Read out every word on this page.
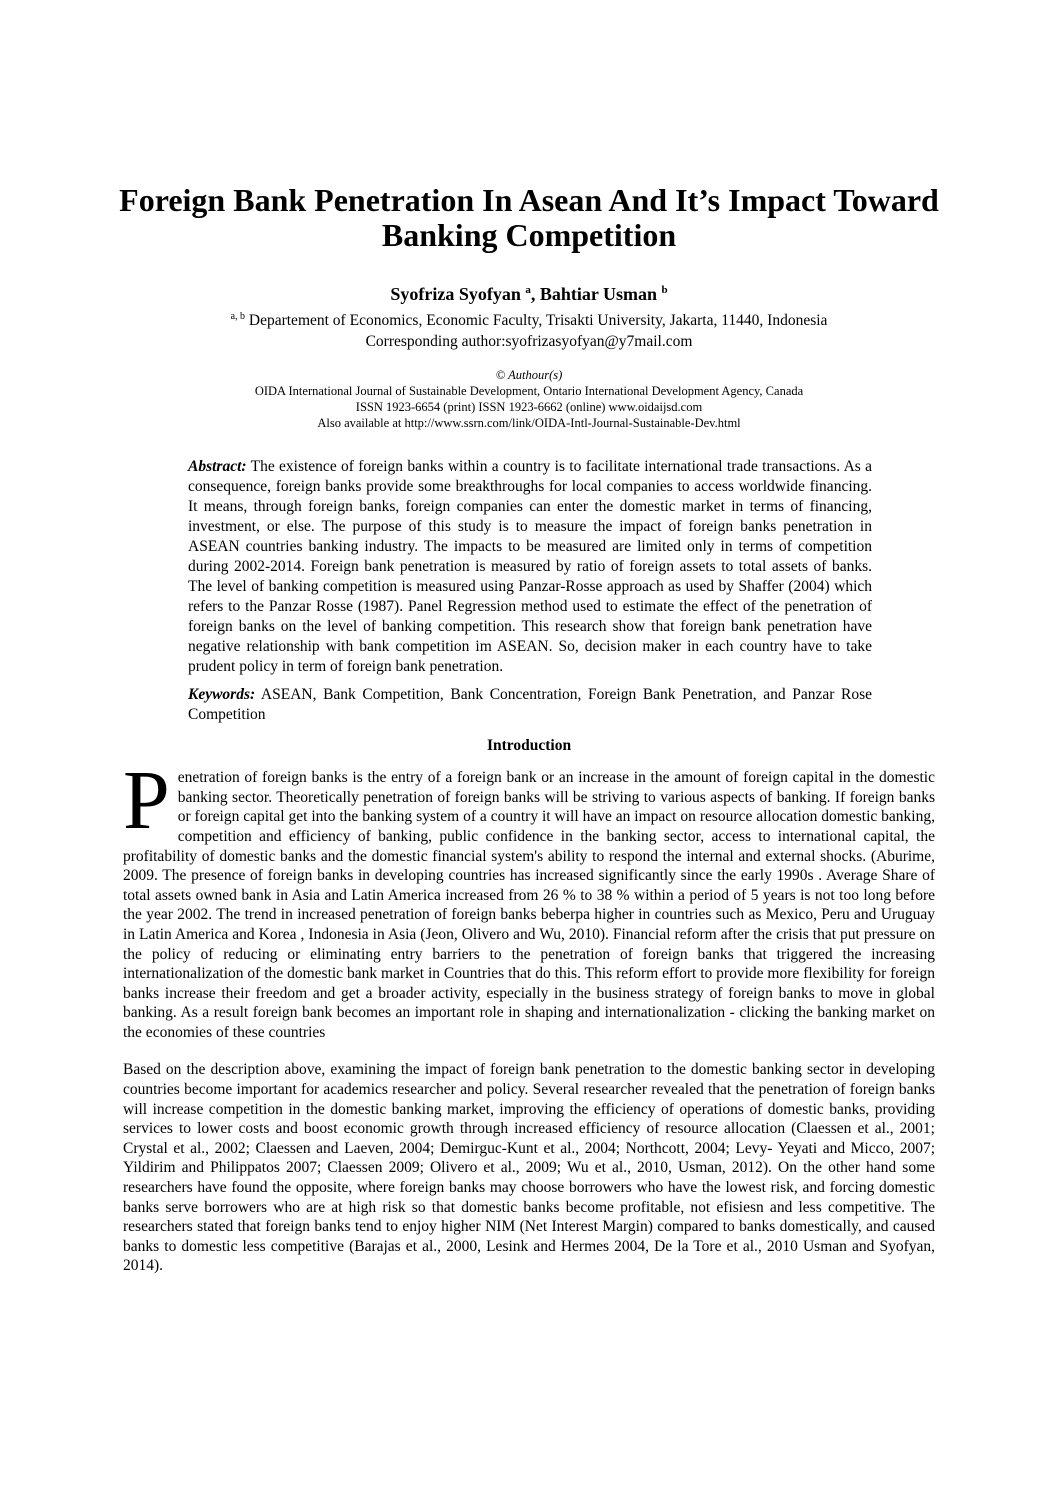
Foreign Bank Penetration In Asean And It’s Impact Toward
Banking Competition
Syofriza Syofyan $^a$, Bahtiar Usman $^b$
$^{a, b}$ Departement of Economics, Economic Faculty, Trisakti University, Jakarta, 11440, Indonesia
Corresponding author:syofrizasyofyan@y7mail.com
© Authour(s)
OIDA International Journal of Sustainable Development, Ontario International Development Agency, Canada
ISSN 1923-6654 (print) ISSN 1923-6662 (online) www.oidaijsd.com
Also available at http://www.ssrn.com/link/OIDA-Intl-Journal-Sustainable-Dev.html

Abstract: The existence of foreign banks within a country is to facilitate international trade transactions. As a consequence, foreign banks provide some breakthroughs for local companies to access worldwide financing. It means, through foreign banks, foreign companies can enter the domestic market in terms of financing, investment, or else. The purpose of this study is to measure the impact of foreign banks penetration in ASEAN countries banking industry. The impacts to be measured are limited only in terms of competition during 2002-2014. Foreign bank penetration is measured by ratio of foreign assets to total assets of banks. The level of banking competition is measured using Panzar-Rosse approach as used by Shaffer (2004) which refers to the Panzar Rosse (1987). Panel Regression method used to estimate the effect of the penetration of foreign banks on the level of banking competition. This research show that foreign bank penetration have negative relationship with bank competition im ASEAN. So, decision maker in each country have to take prudent policy in term of foreign bank penetration.

Keywords: ASEAN, Bank Competition, Bank Concentration, Foreign Bank Penetration, and Panzar Rose Competition

Introduction

Penetration of foreign banks is the entry of a foreign bank or an increase in the amount of foreign capital in the domestic banking sector. Theoretically penetration of foreign banks will be striving to various aspects of banking. If foreign banks or foreign capital get into the banking system of a country it will have an impact on resource allocation domestic banking, competition and efficiency of banking, public confidence in the banking sector, access to international capital, the profitability of domestic banks and the domestic financial system's ability to respond the internal and external shocks. (Aburime, 2009. The presence of foreign banks in developing countries has increased significantly since the early 1990s . Average Share of total assets owned bank in Asia and Latin America increased from 26 % to 38 % within a period of 5 years is not too long before the year 2002. The trend in increased penetration of foreign banks beberpa higher in countries such as Mexico, Peru and Uruguay in Latin America and Korea , Indonesia in Asia (Jeon, Olivero and Wu, 2010). Financial reform after the crisis that put pressure on the policy of reducing or eliminating entry barriers to the penetration of foreign banks that triggered the increasing internationalization of the domestic bank market in Countries that do this. This reform effort to provide more flexibility for foreign banks increase their freedom and get a broader activity, especially in the business strategy of foreign banks to move in global banking. As a result foreign bank becomes an important role in shaping and internationalization - clicking the banking market on the economies of these countries

Based on the description above, examining the impact of foreign bank penetration to the domestic banking sector in developing countries become important for academics researcher and policy. Several researcher revealed that the penetration of foreign banks will increase competition in the domestic banking market, improving the efficiency of operations of domestic banks, providing services to lower costs and boost economic growth through increased efficiency of resource allocation (Claessen et al., 2001; Crystal et al., 2002; Claessen and Laeven, 2004; Demirguc-Kunt et al., 2004; Northcott, 2004; Levy- Yeyati and Micco, 2007; Yildirim and Philippatos 2007; Claessen 2009; Olivero et al., 2009; Wu et al., 2010, Usman, 2012). On the other hand some researchers have found the opposite, where foreign banks may choose borrowers who have the lowest risk, and forcing domestic banks serve borrowers who are at high risk so that domestic banks become profitable, not efisiesn and less competitive. The researchers stated that foreign banks tend to enjoy higher NIM (Net Interest Margin) compared to banks domestically, and caused banks to domestic less competitive (Barajas et al., 2000, Lesink and Hermes 2004, De la Tore et al., 2010 Usman and Syofyan, 2014).
